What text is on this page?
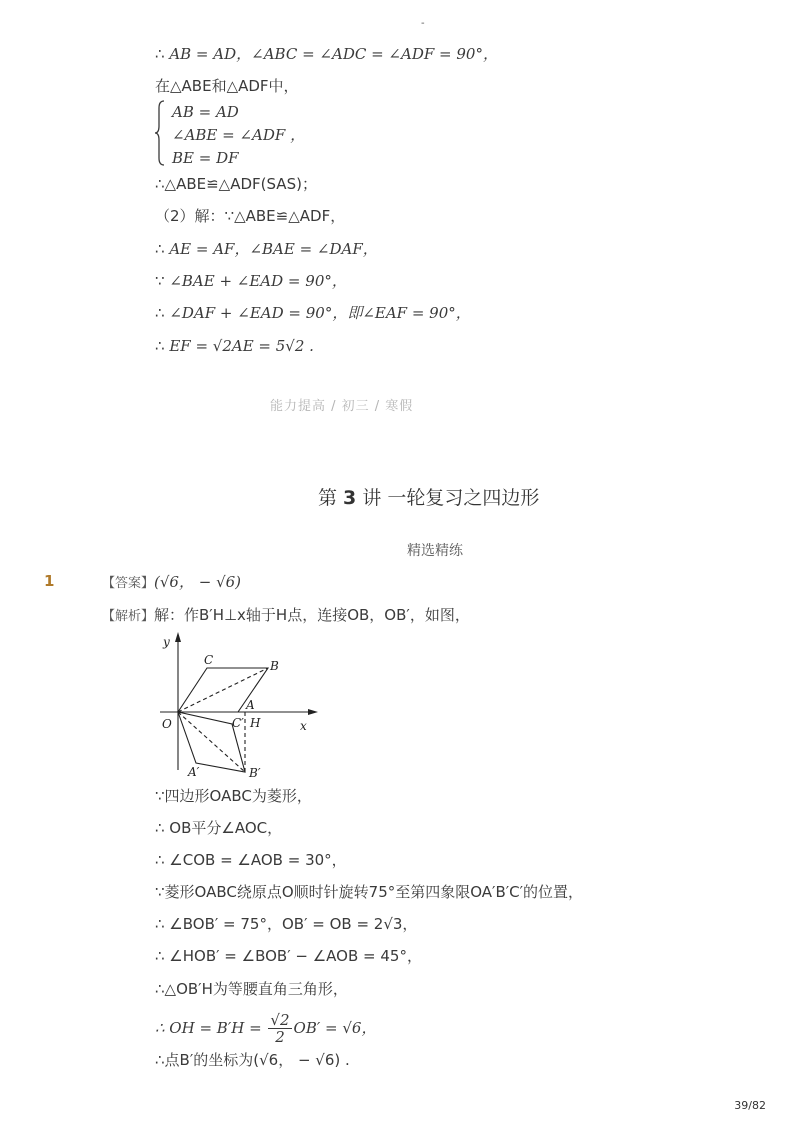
-
∴ AB = AD，∠ABC = ∠ADC = ∠ADF = 90°，
在△ABE和△ADF中，
AB = AD
∠ABE = ∠ADF ，
BE = DF
∴△ABE≌△ADF(SAS)；
（2）解：∵△ABE≌△ADF，
∴ AE = AF，∠BAE = ∠DAF，
∵ ∠BAE + ∠EAD = 90°，
∴ ∠DAF + ∠EAD = 90°，即∠EAF = 90°，
∴ EF = √2AE = 5√2 .
能力提高 / 初三 / 寒假
第 3 讲 一轮复习之四边形
精选精练
1	【答案】(√6， − √6)
【解析】解：作B′H⊥x轴于H点，连接OB，OB′，如图，
y
x
O
C	B
A
C′ H
A′	B′
∵四边形OABC为菱形，
∴ OB平分∠AOC，
∴ ∠COB = ∠AOB = 30°，
∵菱形OABC绕原点O顺时针旋转75°至第四象限OA′B′C′的位置，
∴ ∠BOB′ = 75°，OB′ = OB = 2√3，
∴ ∠HOB′ = ∠BOB′ − ∠AOB = 45°，
∴△OB′H为等腰直角三角形，
∴ OH = $B'H = \frac{√2}{2} OB' = √6$，
∴点B′的坐标为(√6， − √6) .
39/82
